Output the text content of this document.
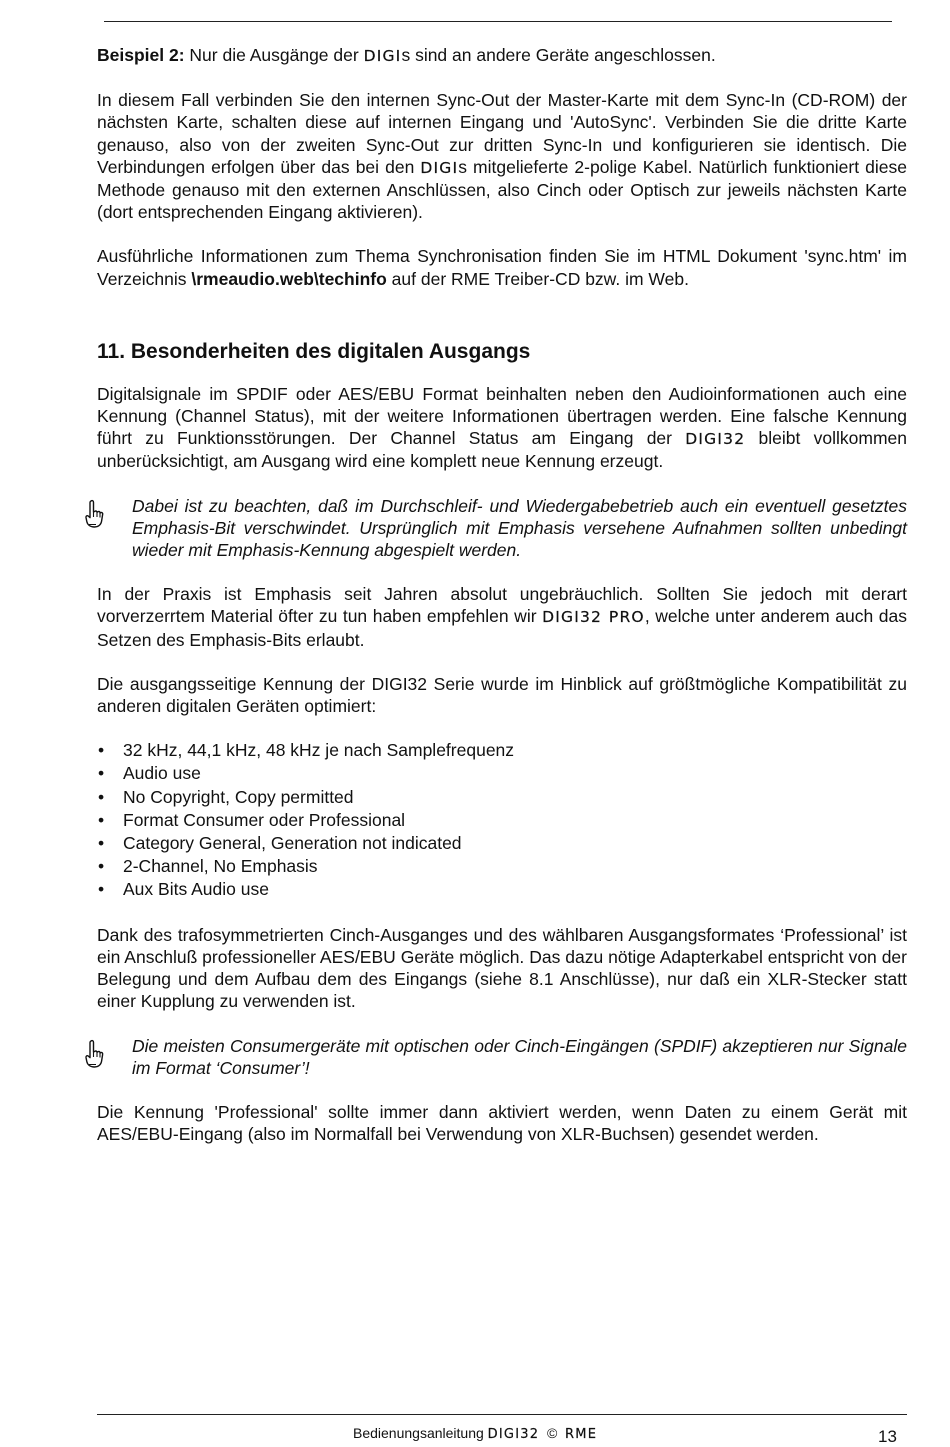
Beispiel 2: Nur die Ausgänge der DIGIs sind an andere Geräte angeschlossen.

In diesem Fall verbinden Sie den internen Sync-Out der Master-Karte mit dem Sync-In (CD-ROM) der nächsten Karte, schalten diese auf internen Eingang und 'AutoSync'. Verbinden Sie die dritte Karte genauso, also von der zweiten Sync-Out zur dritten Sync-In und konfigurieren sie identisch. Die Verbindungen erfolgen über das bei den DIGIs mitgelieferte 2-polige Kabel. Natürlich funktioniert diese Methode genauso mit den externen Anschlüssen, also Cinch oder Optisch zur jeweils nächsten Karte (dort entsprechenden Eingang aktivieren).

Ausführliche Informationen zum Thema Synchronisation finden Sie im HTML Dokument 'sync.htm' im Verzeichnis \rmeaudio.web\techinfo auf der RME Treiber-CD bzw. im Web.

11. Besonderheiten des digitalen Ausgangs

Digitalsignale im SPDIF oder AES/EBU Format beinhalten neben den Audioinformationen auch eine Kennung (Channel Status), mit der weitere Informationen übertragen werden. Eine falsche Kennung führt zu Funktionsstörungen. Der Channel Status am Eingang der DIGI32 bleibt vollkommen unberücksichtigt, am Ausgang wird eine komplett neue Kennung erzeugt.

Dabei ist zu beachten, daß im Durchschleif- und Wiedergabebetrieb auch ein eventuell gesetztes Emphasis-Bit verschwindet. Ursprünglich mit Emphasis versehene Aufnahmen sollten unbedingt wieder mit Emphasis-Kennung abgespielt werden.

In der Praxis ist Emphasis seit Jahren absolut ungebräuchlich. Sollten Sie jedoch mit derart vorverzerrtem Material öfter zu tun haben empfehlen wir DIGI32 PRO, welche unter anderem auch das Setzen des Emphasis-Bits erlaubt.

Die ausgangsseitige Kennung der DIGI32 Serie wurde im Hinblick auf größtmögliche Kompatibilität zu anderen digitalen Geräten optimiert:

• 32 kHz, 44,1 kHz, 48 kHz je nach Samplefrequenz
• Audio use
• No Copyright, Copy permitted
• Format Consumer oder Professional
• Category General, Generation not indicated
• 2-Channel, No Emphasis
• Aux Bits Audio use

Dank des trafosymmetrierten Cinch-Ausganges und des wählbaren Ausgangsformates ‘Professional’ ist ein Anschluß professioneller AES/EBU Geräte möglich. Das dazu nötige Adapterkabel entspricht von der Belegung und dem Aufbau dem des Eingangs (siehe 8.1 Anschlüsse), nur daß ein XLR-Stecker statt einer Kupplung zu verwenden ist.

Die meisten Consumergeräte mit optischen oder Cinch-Eingängen (SPDIF) akzeptieren nur Signale im Format ‘Consumer’!

Die Kennung 'Professional' sollte immer dann aktiviert werden, wenn Daten zu einem Gerät mit AES/EBU-Eingang (also im Normalfall bei Verwendung von XLR-Buchsen) gesendet werden.

Bedienungsanleitung DIGI32  ©  RME	13
